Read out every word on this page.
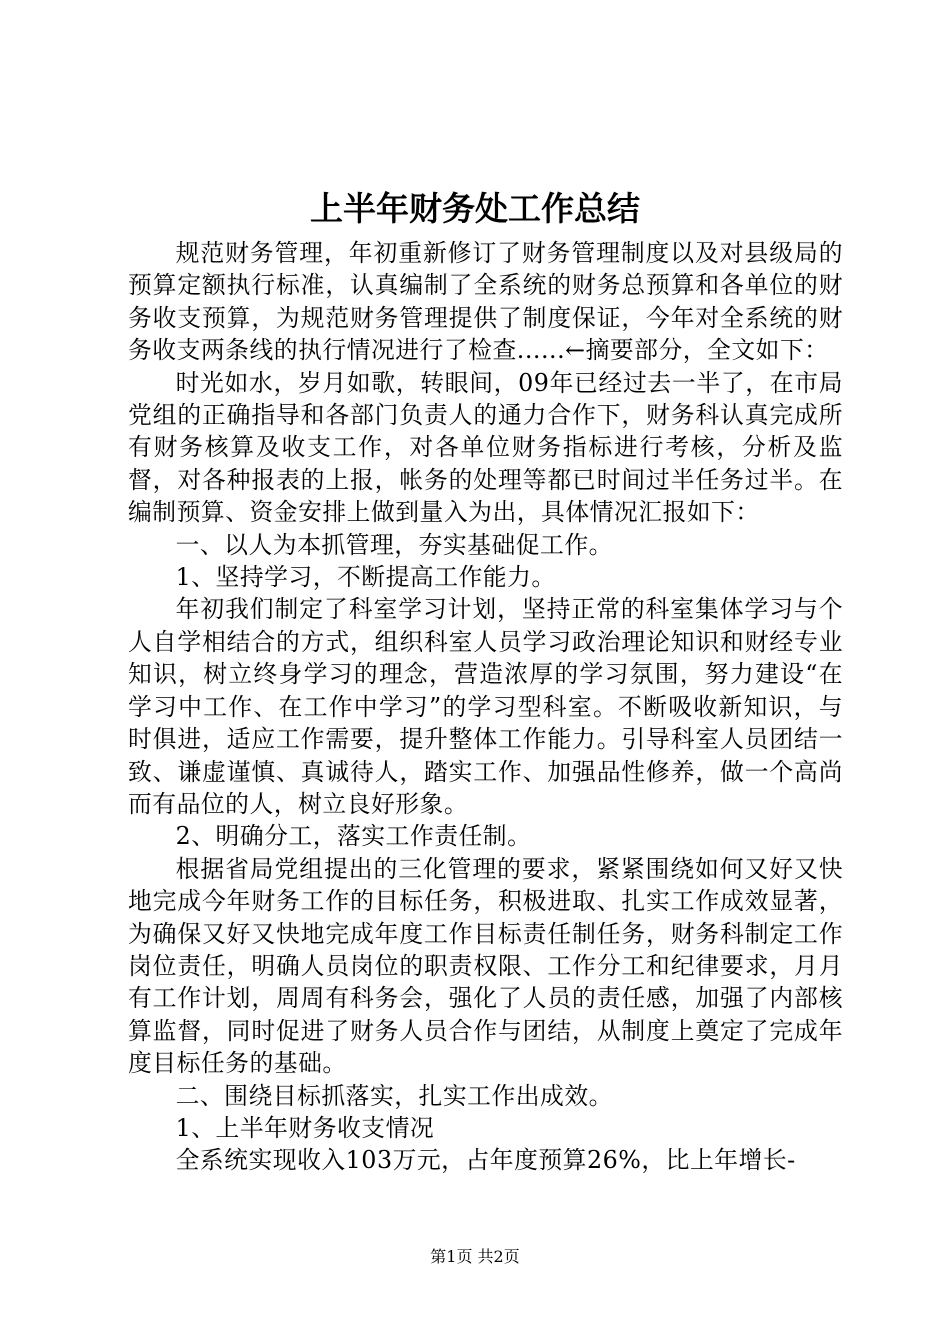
上半年财务处工作总结

规范财务管理，年初重新修订了财务管理制度以及对县级局的预算定额执行标准，认真编制了全系统的财务总预算和各单位的财务收支预算，为规范财务管理提供了制度保证，今年对全系统的财务收支两条线的执行情况进行了检查......←摘要部分，全文如下：

时光如水，岁月如歌，转眼间，09年已经过去一半了，在市局党组的正确指导和各部门负责人的通力合作下，财务科认真完成所有财务核算及收支工作，对各单位财务指标进行考核，分析及监督，对各种报表的上报，帐务的处理等都已时间过半任务过半。在编制预算、资金安排上做到量入为出，具体情况汇报如下：

一、以人为本抓管理，夯实基础促工作。

1、坚持学习，不断提高工作能力。

年初我们制定了科室学习计划，坚持正常的科室集体学习与个人自学相结合的方式，组织科室人员学习政治理论知识和财经专业知识，树立终身学习的理念，营造浓厚的学习氛围，努力建设“在学习中工作、在工作中学习”的学习型科室。不断吸收新知识，与时俱进，适应工作需要，提升整体工作能力。引导科室人员团结一致、谦虚谨慎、真诚待人，踏实工作、加强品性修养，做一个高尚而有品位的人，树立良好形象。

2、明确分工，落实工作责任制。

根据省局党组提出的三化管理的要求，紧紧围绕如何又好又快地完成今年财务工作的目标任务，积极进取、扎实工作成效显著，为确保又好又快地完成年度工作目标责任制任务，财务科制定工作岗位责任，明确人员岗位的职责权限、工作分工和纪律要求，月月有工作计划，周周有科务会，强化了人员的责任感，加强了内部核算监督，同时促进了财务人员合作与团结，从制度上奠定了完成年度目标任务的基础。

二、围绕目标抓落实，扎实工作出成效。

1、上半年财务收支情况

全系统实现收入103万元，占年度预算26%，比上年增长-

第1页 共2页
